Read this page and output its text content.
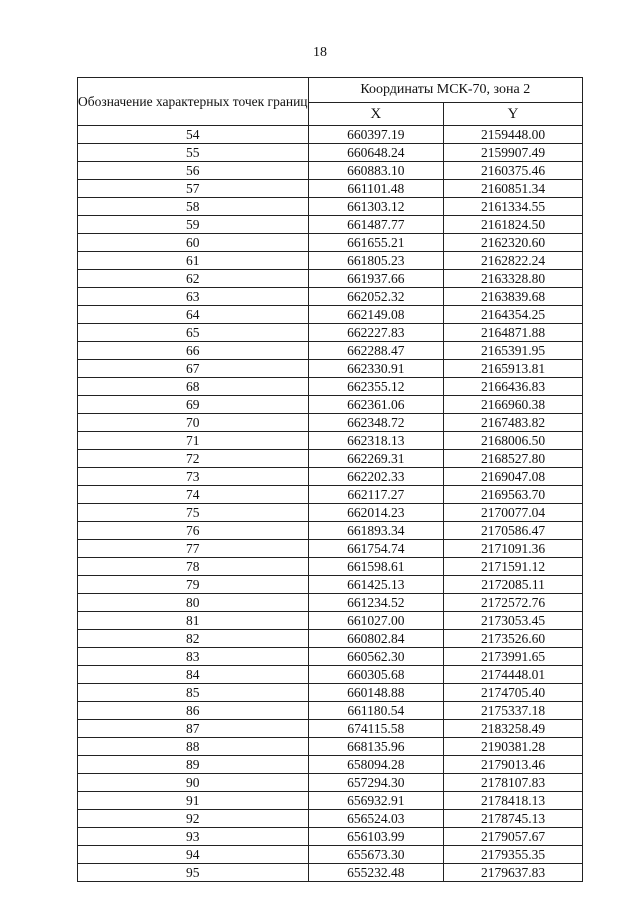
18
Обозначение характерных точек границ	Координаты МСК-70, зона 2	
	X	Y
54	660397.19	2159448.00
55	660648.24	2159907.49
56	660883.10	2160375.46
57	661101.48	2160851.34
58	661303.12	2161334.55
59	661487.77	2161824.50
60	661655.21	2162320.60
61	661805.23	2162822.24
62	661937.66	2163328.80
63	662052.32	2163839.68
64	662149.08	2164354.25
65	662227.83	2164871.88
66	662288.47	2165391.95
67	662330.91	2165913.81
68	662355.12	2166436.83
69	662361.06	2166960.38
70	662348.72	2167483.82
71	662318.13	2168006.50
72	662269.31	2168527.80
73	662202.33	2169047.08
74	662117.27	2169563.70
75	662014.23	2170077.04
76	661893.34	2170586.47
77	661754.74	2171091.36
78	661598.61	2171591.12
79	661425.13	2172085.11
80	661234.52	2172572.76
81	661027.00	2173053.45
82	660802.84	2173526.60
83	660562.30	2173991.65
84	660305.68	2174448.01
85	660148.88	2174705.40
86	661180.54	2175337.18
87	674115.58	2183258.49
88	668135.96	2190381.28
89	658094.28	2179013.46
90	657294.30	2178107.83
91	656932.91	2178418.13
92	656524.03	2178745.13
93	656103.99	2179057.67
94	655673.30	2179355.35
95	655232.48	2179637.83
